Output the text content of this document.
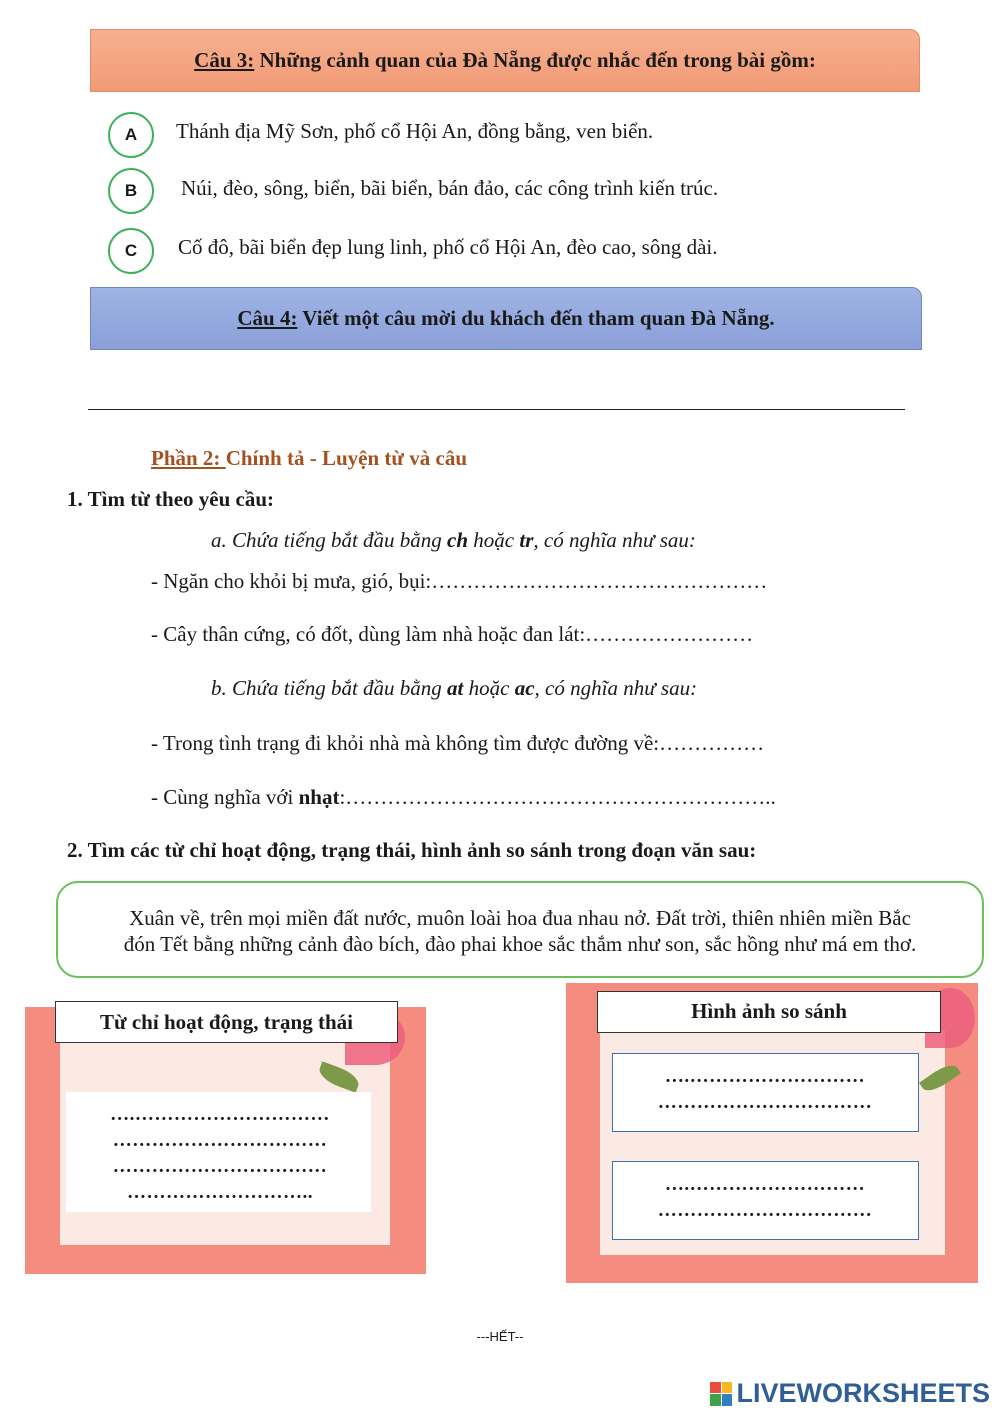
Câu 3: Những cảnh quan của Đà Nẵng được nhắc đến trong bài gồm:
A	Thánh địa Mỹ Sơn, phố cổ Hội An, đồng bằng, ven biển.
B	Núi, đèo, sông, biển, bãi biển, bán đảo, các công trình kiến trúc.
C	Cố đô, bãi biển đẹp lung linh, phố cổ Hội An, đèo cao, sông dài.
Câu 4: Viết một câu mời du khách đến tham quan Đà Nẵng.
Phần 2: Chính tả - Luyện từ và câu
1. Tìm từ theo yêu cầu:
a. Chứa tiếng bắt đầu bằng ch hoặc tr, có nghĩa như sau:
- Ngăn cho khỏi bị mưa, gió, bụi:…………………………………………
- Cây thân cứng, có đốt, dùng làm nhà hoặc đan lát:……………………
b. Chứa tiếng bắt đầu bằng at hoặc ac, có nghĩa như sau:
- Trong tình trạng đi khỏi nhà mà không tìm được đường về:……………
- Cùng nghĩa với nhạt:……………………………………………………..
2. Tìm các từ chỉ hoạt động, trạng thái, hình ảnh so sánh trong đoạn văn sau:
Xuân về, trên mọi miền đất nước, muôn loài hoa đua nhau nở. Đất trời, thiên nhiên miền Bắc
đón Tết bằng những cảnh đào bích, đào phai khoe sắc thắm như son, sắc hồng như má em thơ.
Từ chỉ hoạt động, trạng thái
….…………………………
……………………………
……………………………
………………………..
Hình ảnh so sánh
….………………………
……………………………
….………………………
……………………………
---HẾT--
LIVEWORKSHEETS
